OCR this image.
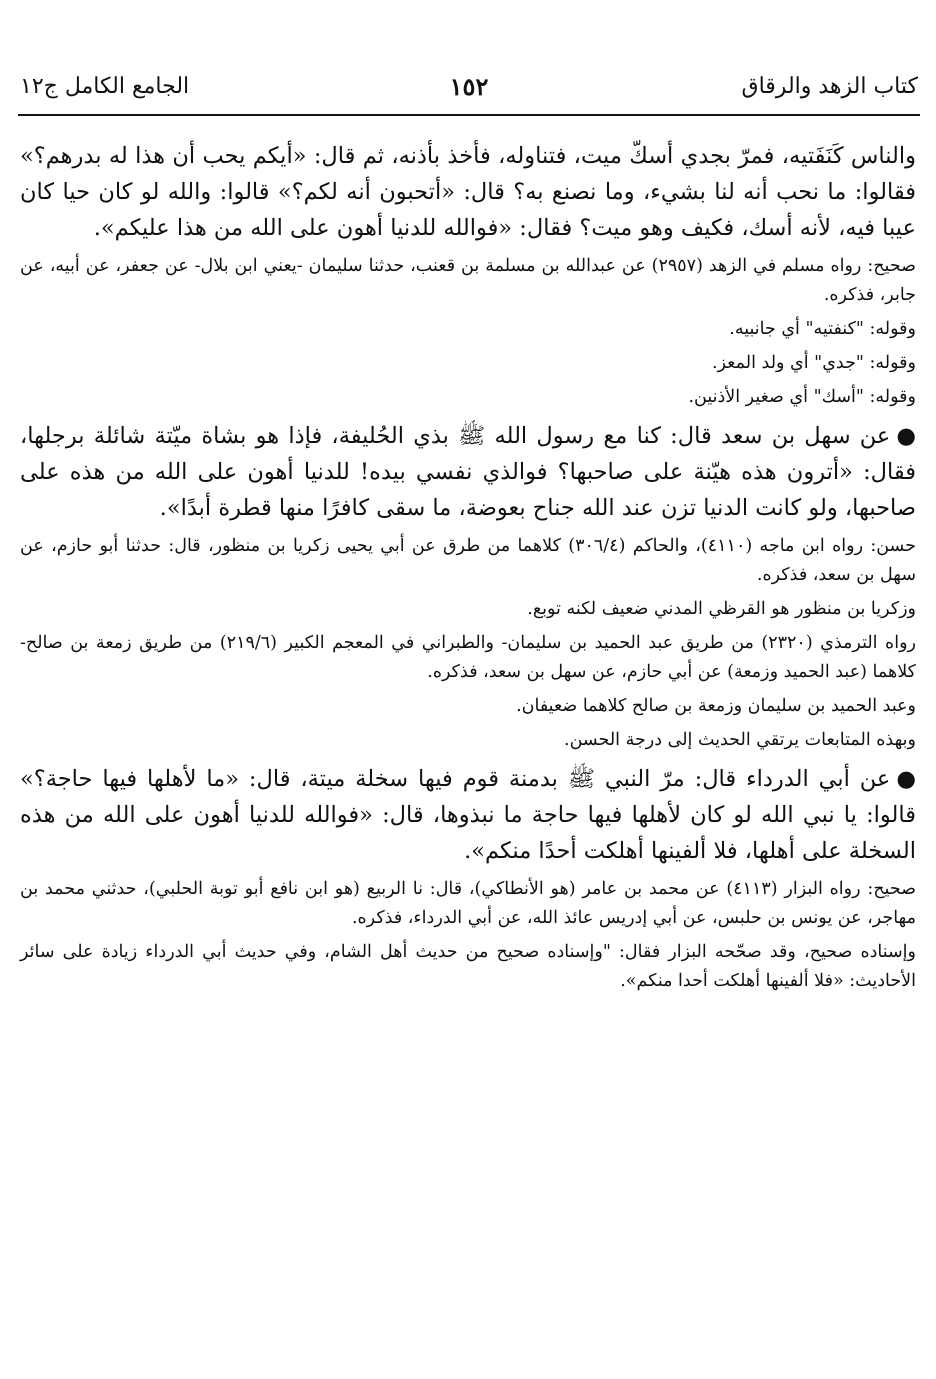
كتاب الزهد والرقاق
١٥٢
الجامع الكامل ج١٢

والناس كَنَفَتيه، فمرّ بجدي أسكّ ميت، فتناوله، فأخذ بأذنه، ثم قال: «أيكم يحب أن هذا له بدرهم؟» فقالوا: ما نحب أنه لنا بشيء، وما نصنع به؟ قال: «أتحبون أنه لكم؟» قالوا: والله لو كان حيا كان عيبا فيه، لأنه أسك، فكيف وهو ميت؟ فقال: «فوالله للدنيا أهون على الله من هذا عليكم».

صحيح: رواه مسلم في الزهد (٢٩٥٧) عن عبدالله بن مسلمة بن قعنب، حدثنا سليمان -يعني ابن بلال- عن جعفر، عن أبيه، عن جابر، فذكره.

وقوله: "كنفتيه" أي جانبيه.

وقوله: "جدي" أي ولد المعز.

وقوله: "أسك" أي صغير الأذنين.

●عن سهل بن سعد قال: كنا مع رسول الله ﷺ بذي الحُليفة، فإذا هو بشاة ميّتة شائلة برجلها، فقال: «أترون هذه هيّنة على صاحبها؟ فوالذي نفسي بيده! للدنيا أهون على الله من هذه على صاحبها، ولو كانت الدنيا تزن عند الله جناح بعوضة، ما سقى كافرًا منها قطرة أبدًا».

حسن: رواه ابن ماجه (٤١١٠)، والحاكم (٣٠٦/٤) كلاهما من طرق عن أبي يحيى زكريا بن منظور، قال: حدثنا أبو حازم، عن سهل بن سعد، فذكره.

وزكريا بن منظور هو القرظي المدني ضعيف لكنه توبع.

رواه الترمذي (٢٣٢٠) من طريق عبد الحميد بن سليمان- والطبراني في المعجم الكبير (٢١٩/٦) من طريق زمعة بن صالح- كلاهما (عبد الحميد وزمعة) عن أبي حازم، عن سهل بن سعد، فذكره.

وعبد الحميد بن سليمان وزمعة بن صالح كلاهما ضعيفان.

وبهذه المتابعات يرتقي الحديث إلى درجة الحسن.

●عن أبي الدرداء قال: مرّ النبي ﷺ بدمنة قوم فيها سخلة ميتة، قال: «ما لأهلها فيها حاجة؟» قالوا: يا نبي الله لو كان لأهلها فيها حاجة ما نبذوها، قال: «فوالله للدنيا أهون على الله من هذه السخلة على أهلها، فلا ألفينها أهلكت أحدًا منكم».

صحيح: رواه البزار (٤١١٣) عن محمد بن عامر (هو الأنطاكي)، قال: نا الربيع (هو ابن نافع أبو توبة الحلبي)، حدثني محمد بن مهاجر، عن يونس بن حلبس، عن أبي إدريس عائذ الله، عن أبي الدرداء، فذكره.

وإسناده صحيح، وقد صحّحه البزار فقال: "وإسناده صحيح من حديث أهل الشام، وفي حديث أبي الدرداء زيادة على سائر الأحاديث: «فلا ألفينها أهلكت أحدا منكم».
